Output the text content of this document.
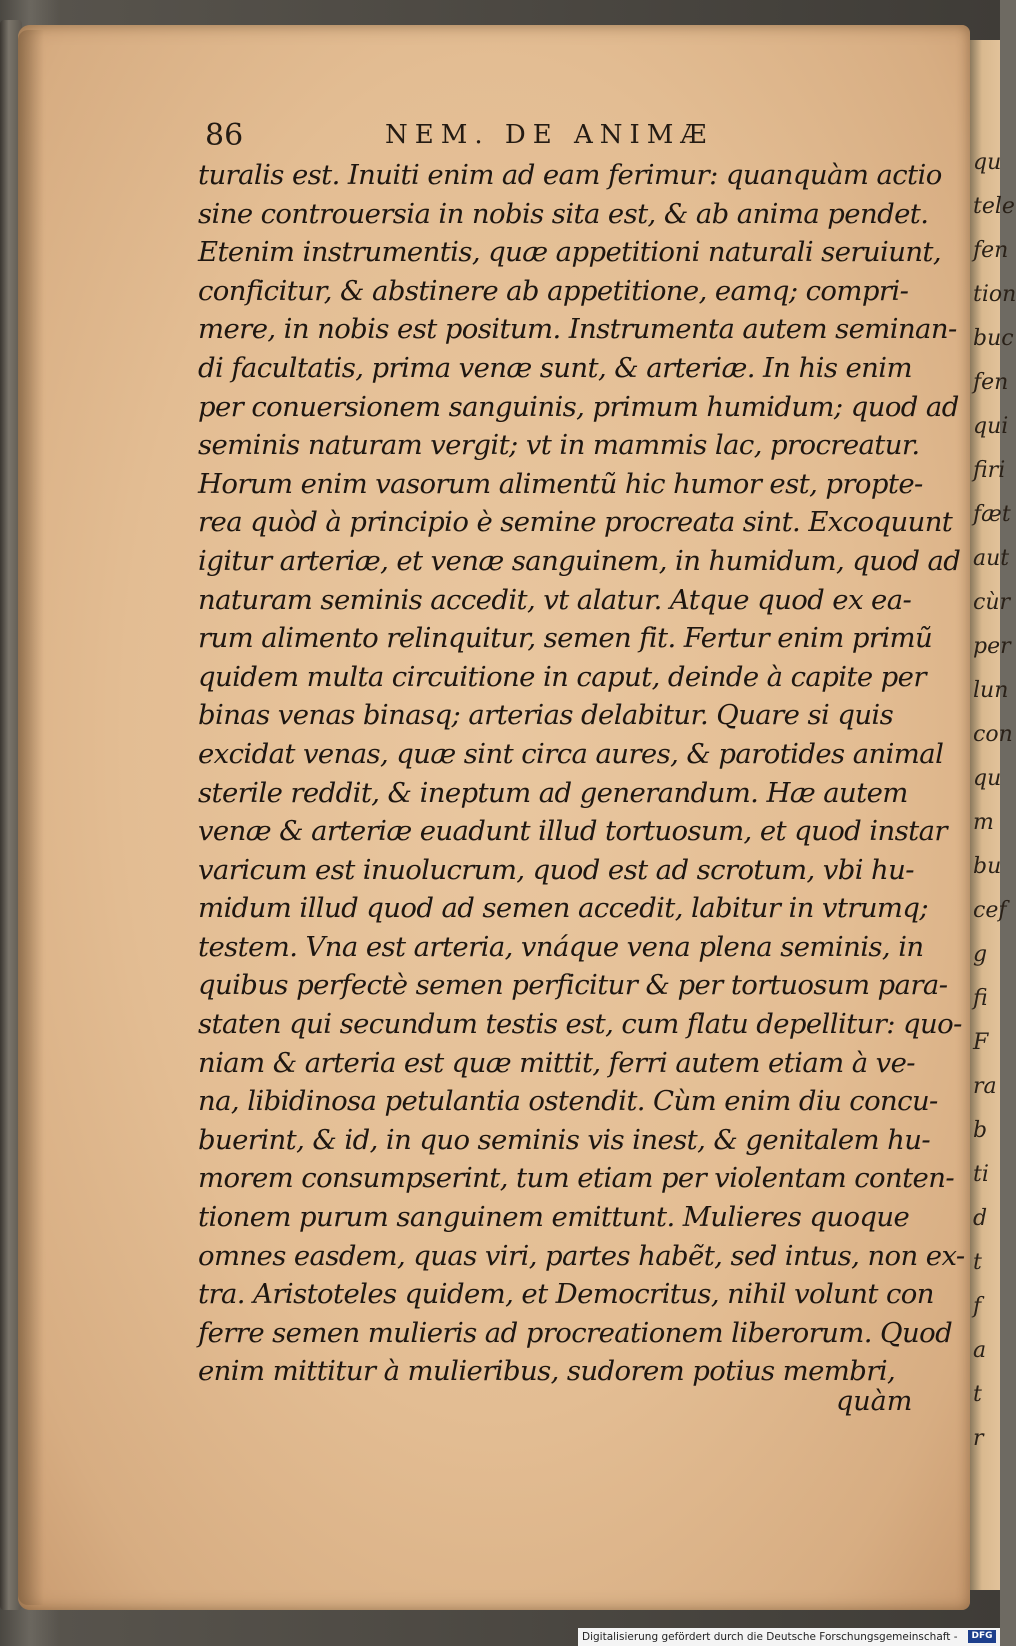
qu
tele
fen
tion
buc
fen
qui
firi
fæt
aut
cùr
per
lun
con
qu
m
bu
cef
g
fi
F
ra
b
ti
d
t
f
a
t
r
86	NEM. DE ANIMÆ
turalis est. Inuiti enim ad eam ferimur: quanquàm actio
sine controuersia in nobis sita est, & ab anima pendet.
Etenim instrumentis, quæ appetitioni naturali seruiunt,
conficitur, & abstinere ab appetitione, eamq; compri-
mere, in nobis est positum. Instrumenta autem seminan-
di facultatis, prima venæ sunt, & arteriæ. In his enim
per conuersionem sanguinis, primum humidum; quod ad
seminis naturam vergit; vt in mammis lac, procreatur.
Horum enim vasorum alimentũ hic humor est, propte-
rea quòd à principio è semine procreata sint. Excoquunt
igitur arteriæ, et venæ sanguinem, in humidum, quod ad
naturam seminis accedit, vt alatur. Atque quod ex ea-
rum alimento relinquitur, semen fit. Fertur enim primũ
quidem multa circuitione in caput, deinde à capite per
binas venas binasq; arterias delabitur. Quare si quis
excidat venas, quæ sint circa aures, & parotides animal
sterile reddit, & ineptum ad generandum. Hæ autem
venæ & arteriæ euadunt illud tortuosum, et quod instar
varicum est inuolucrum, quod est ad scrotum, vbi hu-
midum illud quod ad semen accedit, labitur in vtrumq;
testem. Vna est arteria, vnáque vena plena seminis, in
quibus perfectè semen perficitur & per tortuosum para-
staten qui secundum testis est, cum flatu depellitur: quo-
niam & arteria est quæ mittit, ferri autem etiam à ve-
na, libidinosa petulantia ostendit. Cùm enim diu concu-
buerint, & id, in quo seminis vis inest, & genitalem hu-
morem consumpserint, tum etiam per violentam conten-
tionem purum sanguinem emittunt. Mulieres quoque
omnes easdem, quas viri, partes habẽt, sed intus, non ex-
tra. Aristoteles quidem, et Democritus, nihil volunt con
ferre semen mulieris ad procreationem liberorum. Quod
enim mittitur à mulieribus, sudorem potius membri,
quàm
Digitalisierung gefördert durch die Deutsche Forschungsgemeinschaft -	DFG
